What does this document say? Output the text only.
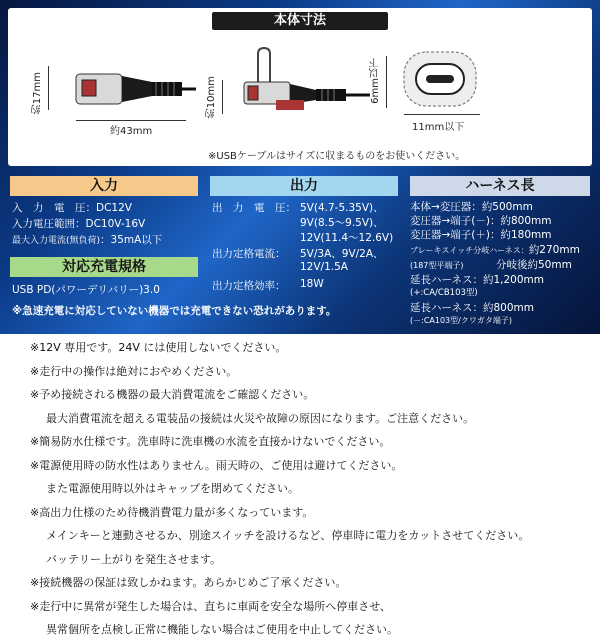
本体寸法
約17mm
約43mm
約10mm	6mm以下
11mm以下
※USBケーブルはサイズに収まるものをお使いください。
入力
入　力　電　圧：DC12V
入力電圧範囲：DC10V-16V
最大入力電流(無負荷)：35mA以下
対応充電規格
USB PD(パワーデリバリー)3.0
出力
出　力　電　圧： 5V(4.7-5.35V)、
9V(8.5～9.5V)、
12V(11.4～12.6V)
出力定格電流： 5V/3A、9V/2A、
12V/1.5A
出力定格効率： 18W
ハーネス長
本体→変圧器：約500mm
変圧器→端子(－)：約800mm
変圧器→端子(＋)：約180mm
ブレーキスイッチ分岐ハーネス：約270mm
(187型平端子)	分岐後約50mm
延長ハーネス：約1,200mm
(+:CA/CB103型)
延長ハーネス：約800mm
(－:CA103型/クワガタ端子)
※急速充電に対応していない機器では充電できない恐れがあります。
※12V 専用です。24V には使用しないでください。
※走行中の操作は絶対におやめください。
※予め接続される機器の最大消費電流をご確認ください。
最大消費電流を超える電装品の接続は火災や故障の原因になります。ご注意ください。
※簡易防水仕様です。洗車時に洗車機の水流を直接かけないでください。
※電源使用時の防水性はありません。雨天時の、ご使用は避けてください。
また電源使用時以外はキャップを閉めてください。
※高出力仕様のため待機消費電力量が多くなっています。
メインキーと連動させるか、別途スイッチを設けるなど、停車時に電力をカットさせてください。
バッテリー上がりを発生させます。
※接続機器の保証は致しかねます。あらかじめご了承ください。
※走行中に異常が発生した場合は、直ちに車両を安全な場所へ停車させ、
異常個所を点検し正常に機能しない場合はご使用を中止してください。
